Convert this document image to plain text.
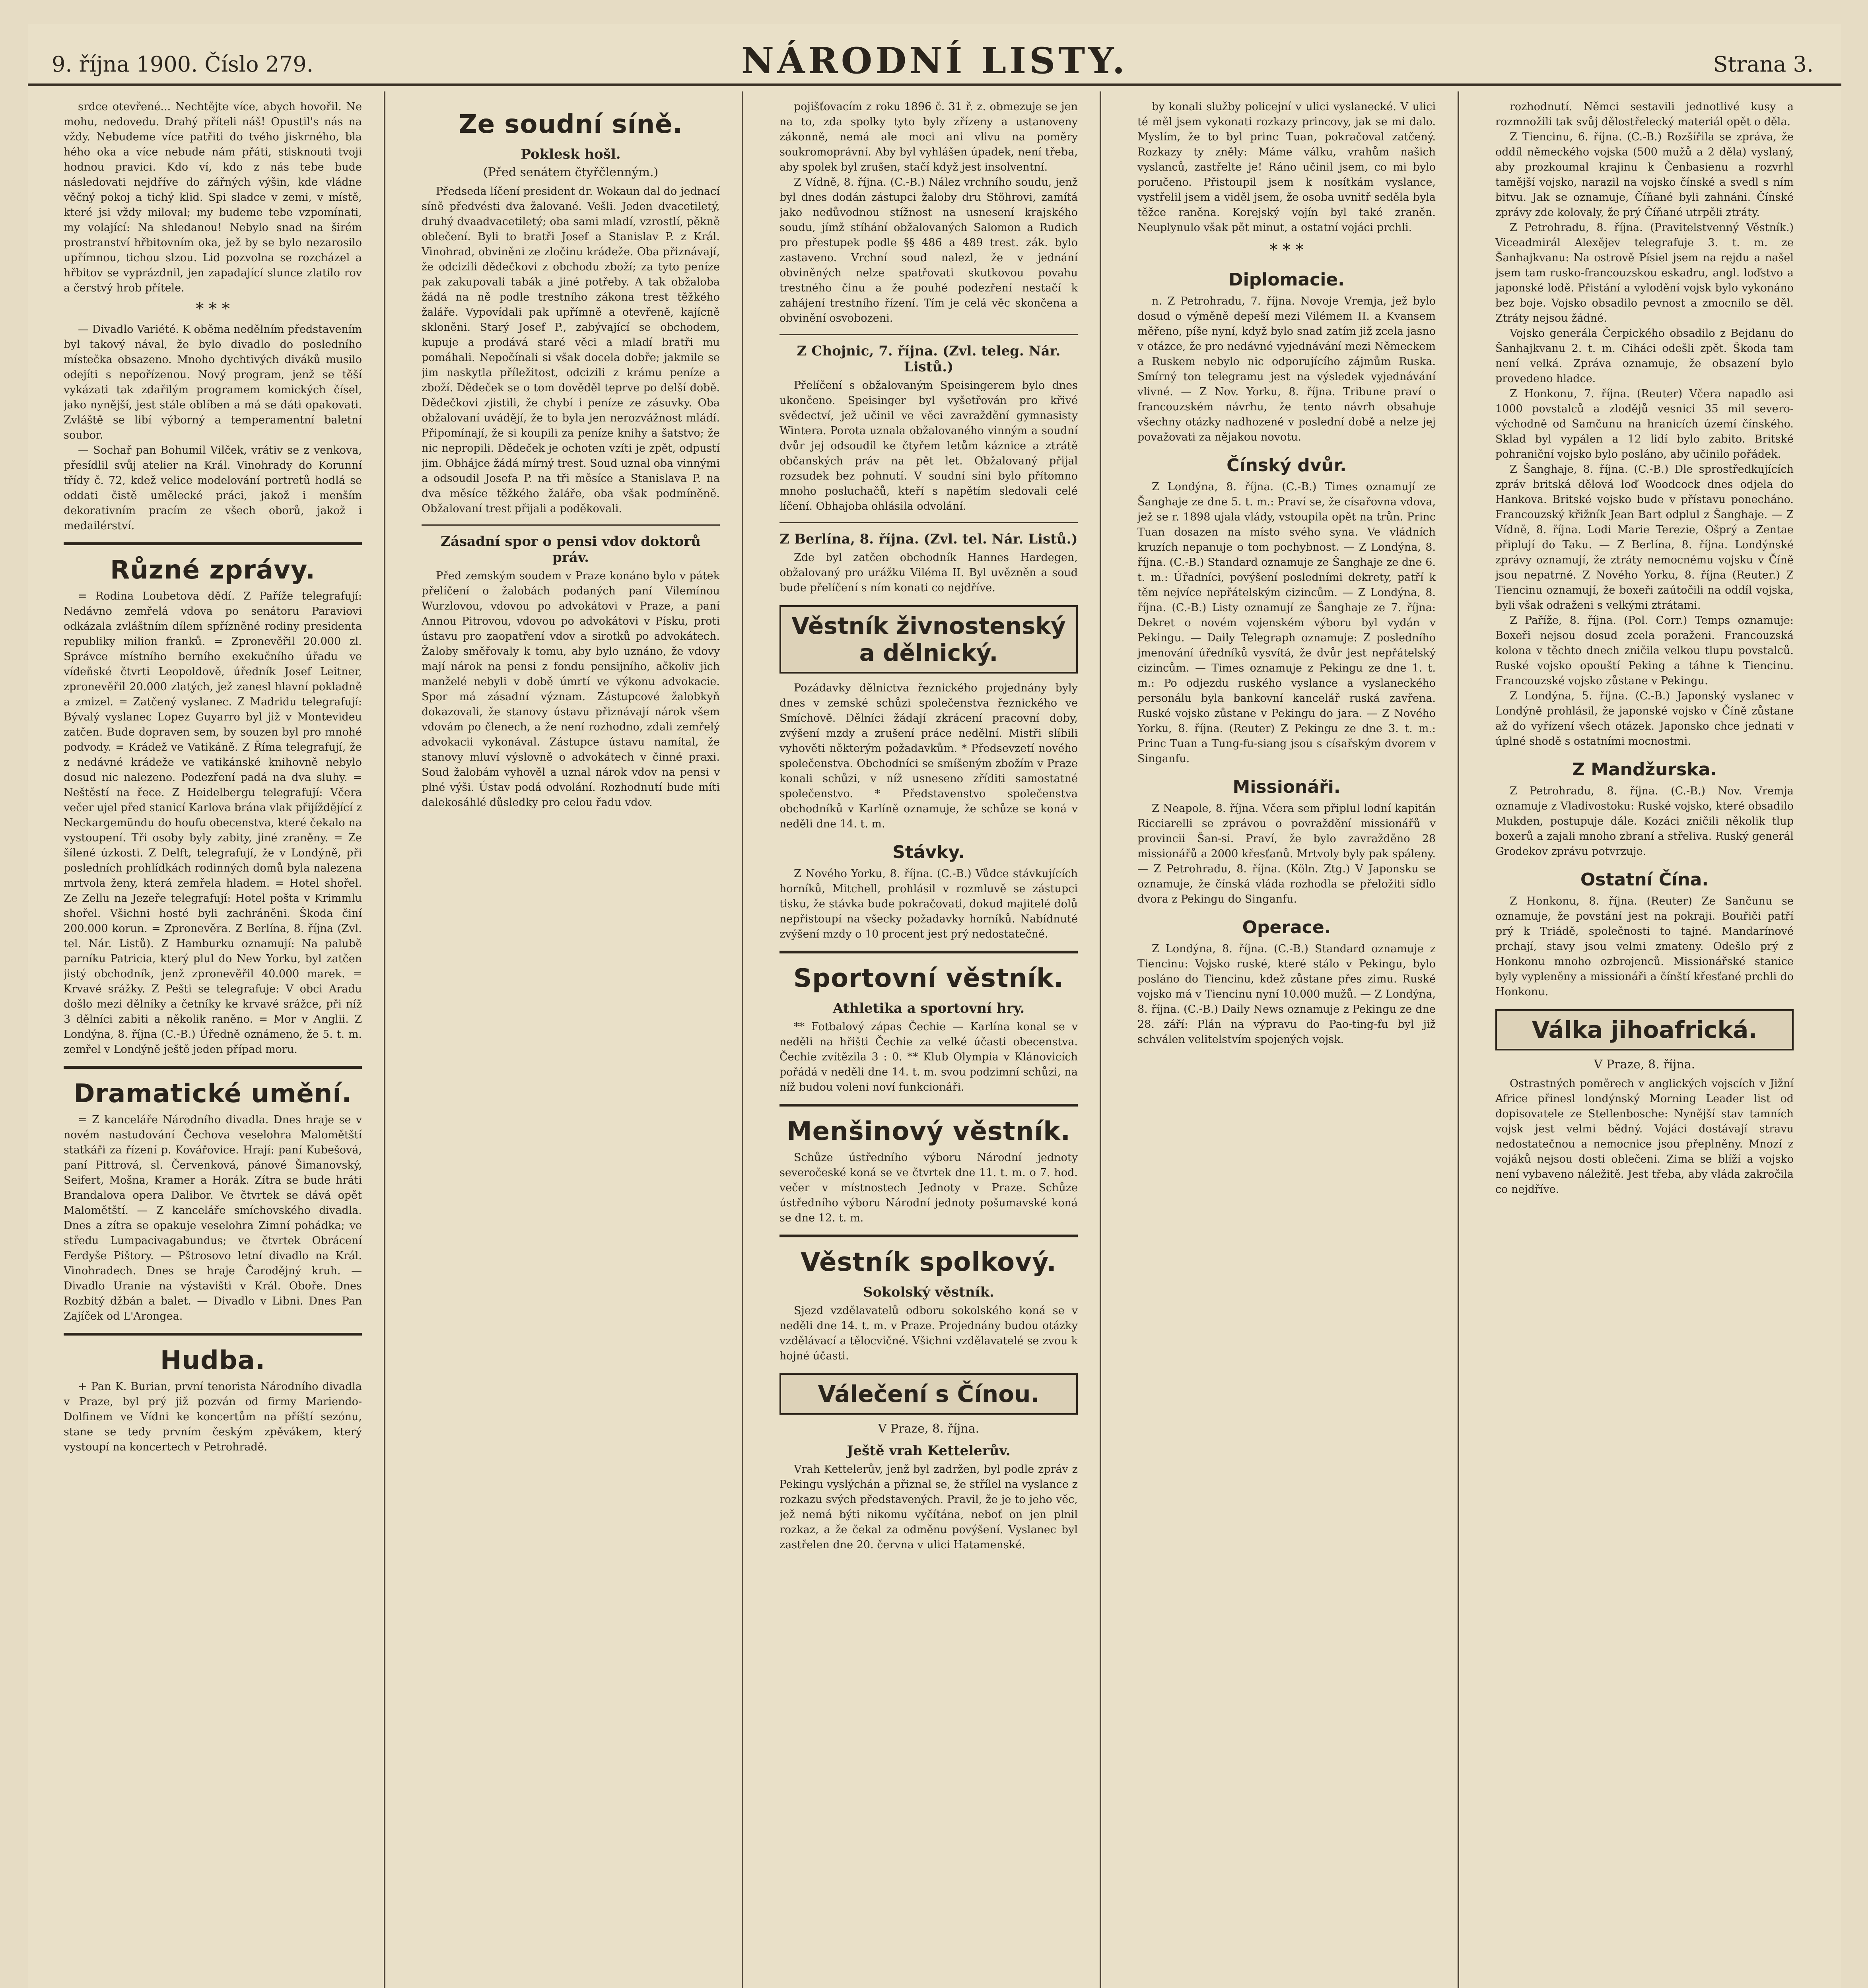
9. října 1900. Číslo 279.	NÁRODNÍ LISTY.	Strana 3.

srdce otevřené... Nechtějte více, abych hovořil. Ne mohu, nedovedu. Drahý příteli náš! Opustil's nás na vždy. Nebudeme více patřiti do tvého jiskrného, bla hého oka a více nebude nám přáti, stisknouti tvoji hodnou pravici. Kdo ví, kdo z nás tebe bude následovati nejdříve do zářných výšin, kde vládne věčný pokoj a tichý klid. Spi sladce v zemi, v místě, které jsi vždy miloval; my budeme tebe vzpomínati, my volající: Na shledanou! Nebylo snad na širém prostranství hřbitovním oka, jež by se bylo nezarosilo upřímnou, tichou slzou. Lid pozvolna se rozcházel a hřbitov se vyprázdnil, jen zapadající slunce zlatilo rov a čerstvý hrob přítele.

* * *

— Divadlo Variété. K oběma nedělním představením byl takový nával, že bylo divadlo do posledního místečka obsazeno. Mnoho dychtivých diváků musilo odejíti s nepořízenou. Nový program, jenž se těší vykázati tak zdařilým programem komických čísel, jako nynější, jest stále oblíben a má se dáti opakovati. Zvláště se libí výborný a temperamentní baletní soubor.

— Sochař pan Bohumil Vilček, vrátiv se z venkova, přesídlil svůj atelier na Král. Vinohrady do Korunní třídy č. 72, kdež velice modelování portretů hodlá se oddati čistě umělecké práci, jakož i menším dekorativním pracím ze všech oborů, jakož i medailérství.

Různé zprávy.

= Rodina Loubetova dědí. Z Paříže telegrafují: Nedávno zemřelá vdova po senátoru Paraviovi odkázala zvláštním dílem spřízněné rodiny presidenta republiky milion franků. = Zpronevěřil 20.000 zl. Správce místního berního exekučního úřadu ve vídeňské čtvrti Leopoldově, úředník Josef Leitner, zpronevěřil 20.000 zlatých, jež zanesl hlavní pokladně a zmizel. = Zatčený vyslanec. Z Madridu telegrafují: Bývalý vyslanec Lopez Guyarro byl již v Montevideu zatčen. Bude dopraven sem, by souzen byl pro mnohé podvody. = Krádež ve Vatikáně. Z Říma telegrafují, že z nedávné krádeže ve vatikánské knihovně nebylo dosud nic nalezeno. Podezření padá na dva sluhy. = Neštěstí na řece. Z Heidelbergu telegrafují: Včera večer ujel před stanicí Karlova brána vlak přijíždějící z Neckargemündu do houfu obecenstva, které čekalo na vystoupení. Tři osoby byly zabity, jiné zraněny. = Ze šílené úzkosti. Z Delft, telegrafují, že v Londýně, při posledních prohlídkách rodinných domů byla nalezena mrtvola ženy, která zemřela hladem. = Hotel shořel. Ze Zellu na Jezeře telegrafují: Hotel pošta v Krimmlu shořel. Všichni hosté byli zachráněni. Škoda činí 200.000 korun. = Zpronevěra. Z Berlína, 8. října (Zvl. tel. Nár. Listů). Z Hamburku oznamují: Na palubě parníku Patricia, který plul do New Yorku, byl zatčen jistý obchodník, jenž zpronevěřil 40.000 marek. = Krvavé srážky. Z Pešti se telegrafuje: V obci Aradu došlo mezi dělníky a četníky ke krvavé srážce, při níž 3 dělníci zabiti a několik raněno. = Mor v Anglii. Z Londýna, 8. října (C.-B.) Úředně oznámeno, že 5. t. m. zemřel v Londýně ještě jeden případ moru.

Dramatické umění.

= Z kanceláře Národního divadla. Dnes hraje se v novém nastudování Čechova veselohra Malomětští statkáři za řízení p. Kovářovice. Hrají: paní Kubešová, paní Pittrová, sl. Červenková, pánové Šimanovský, Seifert, Mošna, Kramer a Horák. Zítra se bude hráti Brandalova opera Dalibor. Ve čtvrtek se dává opět Malomětští. — Z kanceláře smíchovského divadla. Dnes a zítra se opakuje veselohra Zimní pohádka; ve středu Lumpacivagabundus; ve čtvrtek Obrácení Ferdyše Pištory. — Pštrosovo letní divadlo na Král. Vinohradech. Dnes se hraje Čarodějný kruh. — Divadlo Uranie na výstavišti v Král. Oboře. Dnes Rozbitý džbán a balet. — Divadlo v Libni. Dnes Pan Zajíček od L'Arongea.

Hudba.

+ Pan K. Burian, první tenorista Národního divadla v Praze, byl prý již pozván od firmy Mariendo-Dolfinem ve Vídni ke koncertům na příští sezónu, stane se tedy prvním českým zpěvákem, který vystoupí na koncertech v Petrohradě.

Ze soudní síně.
Poklesk hošl.
(Před senátem čtyřčlenným.)

Předseda líčení president dr. Wokaun dal do jednací síně předvésti dva žalované. Vešli. Jeden dvacetiletý, druhý dvaadvacetiletý; oba sami mladí, vzrostlí, pěkně oblečení. Byli to bratři Josef a Stanislav P. z Král. Vinohrad, obviněni ze zločinu krádeže. Oba přiznávají, že odcizili dědečkovi z obchodu zboží; za tyto peníze pak zakupovali tabák a jiné potřeby. A tak obžaloba žádá na ně podle trestního zákona trest těžkého žaláře. Vypovídali pak upřímně a otevřeně, kajícně skloněni. Starý Josef P., zabývající se obchodem, kupuje a prodává staré věci a mladí bratři mu pomáhali. Nepočínali si však docela dobře; jakmile se jim naskytla příležitost, odcizili z krámu peníze a zboží. Dědeček se o tom dověděl teprve po delší době. Dědečkovi zjistili, že chybí i peníze ze zásuvky. Oba obžalovaní uvádějí, že to byla jen nerozvážnost mládí. Připomínají, že si koupili za peníze knihy a šatstvo; že nic nepropili. Dědeček je ochoten vzíti je zpět, odpustí jim. Obhájce žádá mírný trest. Soud uznal oba vinnými a odsoudil Josefa P. na tři měsíce a Stanislava P. na dva měsíce těžkého žaláře, oba však podmíněně. Obžalovaní trest přijali a poděkovali.

Zásadní spor o pensi vdov doktorů práv.

Před zemským soudem v Praze konáno bylo v pátek přelíčení o žalobách podaných paní Vilemínou Wurzlovou, vdovou po advokátovi v Praze, a paní Annou Pitrovou, vdovou po advokátovi v Písku, proti ústavu pro zaopatření vdov a sirotků po advokátech. Žaloby směřovaly k tomu, aby bylo uznáno, že vdovy mají nárok na pensi z fondu pensijního, ačkoliv jich manželé nebyli v době úmrtí ve výkonu advokacie. Spor má zásadní význam. Zástupcové žalobkyň dokazovali, že stanovy ústavu přiznávají nárok všem vdovám po členech, a že není rozhodno, zdali zemřelý advokacii vykonával. Zástupce ústavu namítal, že stanovy mluví výslovně o advokátech v činné praxi. Soud žalobám vyhověl a uznal nárok vdov na pensi v plné výši. Ústav podá odvolání. Rozhodnutí bude míti dalekosáhlé důsledky pro celou řadu vdov.

pojišťovacím z roku 1896 č. 31 ř. z. obmezuje se jen na to, zda spolky tyto byly zřízeny a ustanoveny zákonně, nemá ale moci ani vlivu na poměry soukromoprávní. Aby byl vyhlášen úpadek, není třeba, aby spolek byl zrušen, stačí když jest insolventní.

Z Vídně, 8. října. (C.-B.) Nález vrchního soudu, jenž byl dnes dodán zástupci žaloby dru Stöhrovi, zamítá jako nedůvodnou stížnost na usnesení krajského soudu, jímž stíhání obžalovaných Salomon a Rudich pro přestupek podle §§ 486 a 489 trest. zák. bylo zastaveno. Vrchní soud nalezl, že v jednání obviněných nelze spatřovati skutkovou povahu trestného činu a že pouhé podezření nestačí k zahájení trestního řízení. Tím je celá věc skončena a obvinění osvobozeni.

Z Chojnic, 7. října. (Zvl. teleg. Nár. Listů.)

Přelíčení s obžalovaným Speisingerem bylo dnes ukončeno. Speisinger byl vyšetřován pro křivé svědectví, jež učinil ve věci zavraždění gymnasisty Wintera. Porota uznala obžalovaného vinným a soudní dvůr jej odsoudil ke čtyřem letům káznice a ztrátě občanských práv na pět let. Obžalovaný přijal rozsudek bez pohnutí. V soudní síni bylo přítomno mnoho posluchačů, kteří s napětím sledovali celé líčení. Obhajoba ohlásila odvolání.

Z Berlína, 8. října. (Zvl. tel. Nár. Listů.)

Zde byl zatčen obchodník Hannes Hardegen, obžalovaný pro urážku Viléma II. Byl uvězněn a soud bude přelíčení s ním konati co nejdříve.

Věstník živnostenský a dělnický.

Pozádavky dělnictva řeznického projednány byly dnes v zemské schůzi společenstva řeznického ve Smíchově. Dělníci žádají zkrácení pracovní doby, zvýšení mzdy a zrušení práce nedělní. Mistři slíbili vyhověti některým požadavkům. * Předsevzetí nového společenstva. Obchodníci se smíšeným zbožím v Praze konali schůzi, v níž usneseno zříditi samostatné společenstvo. * Představenstvo společenstva obchodníků v Karlíně oznamuje, že schůze se koná v neděli dne 14. t. m.

Stávky.

Z Nového Yorku, 8. října. (C.-B.) Vůdce stávkujících horníků, Mitchell, prohlásil v rozmluvě se zástupci tisku, že stávka bude pokračovati, dokud majitelé dolů nepřistoupí na všecky požadavky horníků. Nabídnuté zvýšení mzdy o 10 procent jest prý nedostatečné.

Sportovní věstník.
Athletika a sportovní hry.

** Fotbalový zápas Čechie — Karlína konal se v neděli na hřišti Čechie za velké účasti obecenstva. Čechie zvítězila 3 : 0. ** Klub Olympia v Klánovicích pořádá v neděli dne 14. t. m. svou podzimní schůzi, na níž budou voleni noví funkcionáři.

Menšinový věstník.

Schůze ústředního výboru Národní jednoty severočeské koná se ve čtvrtek dne 11. t. m. o 7. hod. večer v místnostech Jednoty v Praze. Schůze ústředního výboru Národní jednoty pošumavské koná se dne 12. t. m.

Věstník spolkový.
Sokolský věstník.

Sjezd vzdělavatelů odboru sokolského koná se v neděli dne 14. t. m. v Praze. Projednány budou otázky vzdělávací a tělocvičné. Všichni vzdělavatelé se zvou k hojné účasti.

Válečení s Čínou.
V Praze, 8. října.
Ještě vrah Kettelerův.

Vrah Kettelerův, jenž byl zadržen, byl podle zpráv z Pekingu vyslýchán a přiznal se, že střílel na vyslance z rozkazu svých představených. Pravil, že je to jeho věc, jež nemá býti nikomu vyčítána, neboť on jen plnil rozkaz, a že čekal za odměnu povýšení. Vyslanec byl zastřelen dne 20. června v ulici Hatamenské.

by konali služby policejní v ulici vyslanecké. V ulici té měl jsem vykonati rozkazy princovy, jak se mi dalo. Myslím, že to byl princ Tuan, pokračoval zatčený. Rozkazy ty zněly: Máme válku, vrahům našich vyslanců, zastřelte je! Ráno učinil jsem, co mi bylo poručeno. Přistoupil jsem k nosítkám vyslance, vystřelil jsem a viděl jsem, že osoba uvnitř seděla byla těžce raněna. Korejský vojín byl také zraněn. Neuplynulo však pět minut, a ostatní vojáci prchli.

* * *
Diplomacie.

n. Z Petrohradu, 7. října. Novoje Vremja, jež bylo dosud o výměně depeší mezi Vilémem II. a Kvansem měřeno, píše nyní, když bylo snad zatím již zcela jasno v otázce, že pro nedávné vyjednávání mezi Německem a Ruskem nebylo nic odporujícího zájmům Ruska. Smírný ton telegramu jest na výsledek vyjednávání vlivné. — Z Nov. Yorku, 8. října. Tribune praví o francouzském návrhu, že tento návrh obsahuje všechny otázky nadhozené v poslední době a nelze jej považovati za nějakou novotu.

Čínský dvůr.

Z Londýna, 8. října. (C.-B.) Times oznamují ze Šanghaje ze dne 5. t. m.: Praví se, že císařovna vdova, jež se r. 1898 ujala vlády, vstoupila opět na trůn. Princ Tuan dosazen na místo svého syna. Ve vládních kruzích nepanuje o tom pochybnost. — Z Londýna, 8. října. (C.-B.) Standard oznamuje ze Šanghaje ze dne 6. t. m.: Úřadníci, povýšení posledními dekrety, patří k těm nejvíce nepřátelským cizincům. — Z Londýna, 8. října. (C.-B.) Listy oznamují ze Šanghaje ze 7. října: Dekret o novém vojenském výboru byl vydán v Pekingu. — Daily Telegraph oznamuje: Z posledního jmenování úředníků vysvítá, že dvůr jest nepřátelský cizincům. — Times oznamuje z Pekingu ze dne 1. t. m.: Po odjezdu ruského vyslance a vyslaneckého personálu byla bankovní kancelář ruská zavřena. Ruské vojsko zůstane v Pekingu do jara. — Z Nového Yorku, 8. října. (Reuter) Z Pekingu ze dne 3. t. m.: Princ Tuan a Tung-fu-siang jsou s císařským dvorem v Singanfu.

Missionáři.

Z Neapole, 8. října. Včera sem připlul lodní kapitán Ricciarelli se zprávou o povraždění missionářů v provincii Šan-si. Praví, že bylo zavražděno 28 missionářů a 2000 křesťanů. Mrtvoly byly pak spáleny. — Z Petrohradu, 8. října. (Köln. Ztg.) V Japonsku se oznamuje, že čínská vláda rozhodla se přeložiti sídlo dvora z Pekingu do Singanfu.

Operace.

Z Londýna, 8. října. (C.-B.) Standard oznamuje z Tiencinu: Vojsko ruské, které stálo v Pekingu, bylo posláno do Tiencinu, kdež zůstane přes zimu. Ruské vojsko má v Tiencinu nyní 10.000 mužů. — Z Londýna, 8. října. (C.-B.) Daily News oznamuje z Pekingu ze dne 28. září: Plán na výpravu do Pao-ting-fu byl již schválen velitelstvím spojených vojsk.

rozhodnutí. Němci sestavili jednotlivé kusy a rozmnožili tak svůj dělostřelecký materiál opět o děla.

Z Tiencinu, 6. října. (C.-B.) Rozšířila se zpráva, že oddíl německého vojska (500 mužů a 2 děla) vyslaný, aby prozkoumal krajinu k Čenbasienu a rozvrhl tamější vojsko, narazil na vojsko čínské a svedl s ním bitvu. Jak se oznamuje, Číňané byli zahnáni. Čínské zprávy zde kolovaly, že prý Číňané utrpěli ztráty.

Z Petrohradu, 8. října. (Pravitelstvenný Věstník.) Viceadmirál Alexějev telegrafuje 3. t. m. ze Šanhajkvanu: Na ostrově Písiel jsem na rejdu a našel jsem tam rusko-francouzskou eskadru, angl. loďstvo a japonské lodě. Přistání a vylodění vojsk bylo vykonáno bez boje. Vojsko obsadilo pevnost a zmocnilo se děl. Ztráty nejsou žádné.

Vojsko generála Čerpického obsadilo z Bejdanu do Šanhajkvanu 2. t. m. Ciháci odešli zpět. Škoda tam není velká. Zpráva oznamuje, že obsazení bylo provedeno hladce.

Z Honkonu, 7. října. (Reuter) Včera napadlo asi 1000 povstalců a zlodějů vesnici 35 mil severo-východně od Samčunu na hranicích území čínského. Sklad byl vypálen a 12 lidí bylo zabito. Britské pohraniční vojsko bylo posláno, aby učinilo pořádek.

Z Šanghaje, 8. října. (C.-B.) Dle sprostředkujících zpráv britská dělová loď Woodcock dnes odjela do Hankova. Britské vojsko bude v přístavu ponecháno. Francouzský křižník Jean Bart odplul z Šanghaje. — Z Vídně, 8. října. Lodi Marie Terezie, Ošprý a Zentae připlují do Taku. — Z Berlína, 8. října. Londýnské zprávy oznamují, že ztráty nemocnému vojsku v Číně jsou nepatrné. Z Nového Yorku, 8. října (Reuter.) Z Tiencinu oznamují, že boxeři zaútočili na oddíl vojska, byli však odraženi s velkými ztrátami.

Z Paříže, 8. října. (Pol. Corr.) Temps oznamuje: Boxeři nejsou dosud zcela poraženi. Francouzská kolona v těchto dnech zničila velkou tlupu povstalců. Ruské vojsko opouští Peking a táhne k Tiencinu. Francouzské vojsko zůstane v Pekingu.

Z Londýna, 5. října. (C.-B.) Japonský vyslanec v Londýně prohlásil, že japonské vojsko v Číně zůstane až do vyřízení všech otázek. Japonsko chce jednati v úplné shodě s ostatními mocnostmi.

Z Mandžurska.

Z Petrohradu, 8. října. (C.-B.) Nov. Vremja oznamuje z Vladivostoku: Ruské vojsko, které obsadilo Mukden, postupuje dále. Kozáci zničili několik tlup boxerů a zajali mnoho zbraní a střeliva. Ruský generál Grodekov zprávu potvrzuje.

Ostatní Čína.

Z Honkonu, 8. října. (Reuter) Ze Sančunu se oznamuje, že povstání jest na pokraji. Bouřiči patří prý k Triádě, společnosti to tajné. Mandarínové prchají, stavy jsou velmi zmateny. Odešlo prý z Honkonu mnoho ozbrojenců. Missionářské stanice byly vypleněny a missionáři a čínští křesťané prchli do Honkonu.

Válka jihoafrická.
V Praze, 8. října.

Ostrastných poměrech v anglických vojscích v Jižní Africe přinesl londýnský Morning Leader list od dopisovatele ze Stellenbosche: Nynější stav tamních vojsk jest velmi bědný. Vojáci dostávají stravu nedostatečnou a nemocnice jsou přeplněny. Mnozí z vojáků nejsou dosti oblečeni. Zima se blíží a vojsko není vybaveno náležitě. Jest třeba, aby vláda zakročila co nejdříve.
